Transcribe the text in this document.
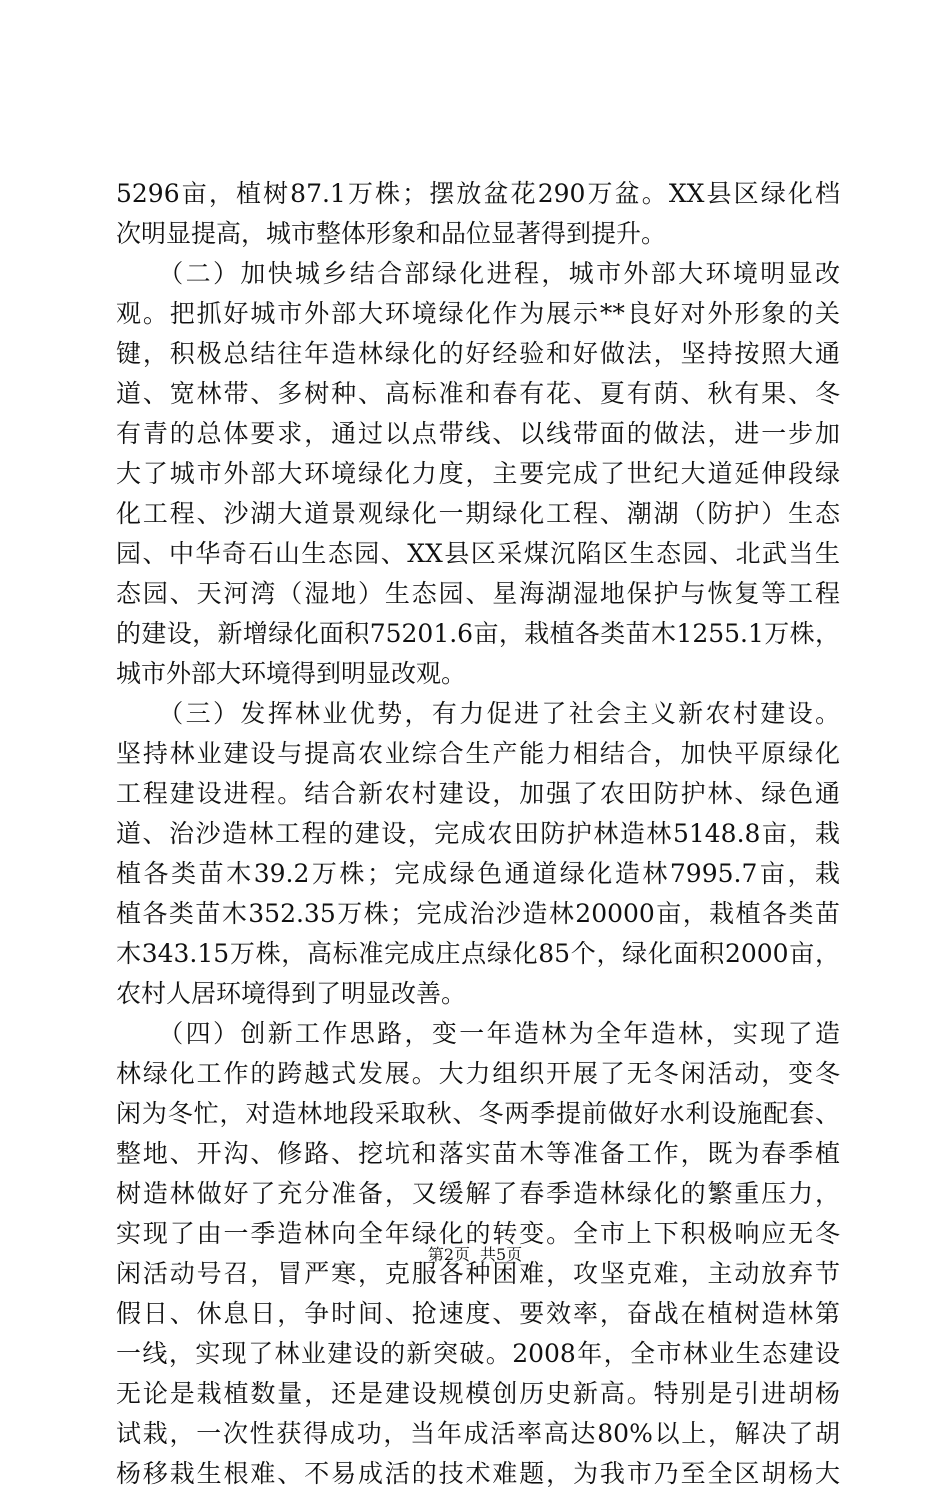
5296亩，植树87.1万株；摆放盆花290万盆。XX县区绿化档
次明显提高，城市整体形象和品位显著得到提升。
　　（二）加快城乡结合部绿化进程，城市外部大环境明显改
观。把抓好城市外部大环境绿化作为展示**良好对外形象的关
键，积极总结往年造林绿化的好经验和好做法，坚持按照大通
道、宽林带、多树种、高标准和春有花、夏有荫、秋有果、冬
有青的总体要求，通过以点带线、以线带面的做法，进一步加
大了城市外部大环境绿化力度，主要完成了世纪大道延伸段绿
化工程、沙湖大道景观绿化一期绿化工程、潮湖（防护）生态
园、中华奇石山生态园、XX县区采煤沉陷区生态园、北武当生
态园、天河湾（湿地）生态园、星海湖湿地保护与恢复等工程
的建设，新增绿化面积75201.6亩，栽植各类苗木1255.1万株，
城市外部大环境得到明显改观。
　　（三）发挥林业优势，有力促进了社会主义新农村建设。
坚持林业建设与提高农业综合生产能力相结合，加快平原绿化
工程建设进程。结合新农村建设，加强了农田防护林、绿色通
道、治沙造林工程的建设，完成农田防护林造林5148.8亩，栽
植各类苗木39.2万株；完成绿色通道绿化造林7995.7亩，栽
植各类苗木352.35万株；完成治沙造林20000亩，栽植各类苗
木343.15万株，高标准完成庄点绿化85个，绿化面积2000亩，
农村人居环境得到了明显改善。
　　（四）创新工作思路，变一年造林为全年造林，实现了造
林绿化工作的跨越式发展。大力组织开展了无冬闲活动，变冬
闲为冬忙，对造林地段采取秋、冬两季提前做好水利设施配套、
整地、开沟、修路、挖坑和落实苗木等准备工作，既为春季植
树造林做好了充分准备，又缓解了春季造林绿化的繁重压力，
实现了由一季造林向全年绿化的转变。全市上下积极响应无冬
闲活动号召，冒严寒，克服各种困难，攻坚克难，主动放弃节
假日、休息日，争时间、抢速度、要效率，奋战在植树造林第
一线，实现了林业建设的新突破。2008年，全市林业生态建设
无论是栽植数量，还是建设规模创历史新高。特别是引进胡杨
试栽，一次性获得成功，当年成活率高达80%以上，解决了胡
杨移栽生根难、不易成活的技术难题，为我市乃至全区胡杨大
第2页 共5页
